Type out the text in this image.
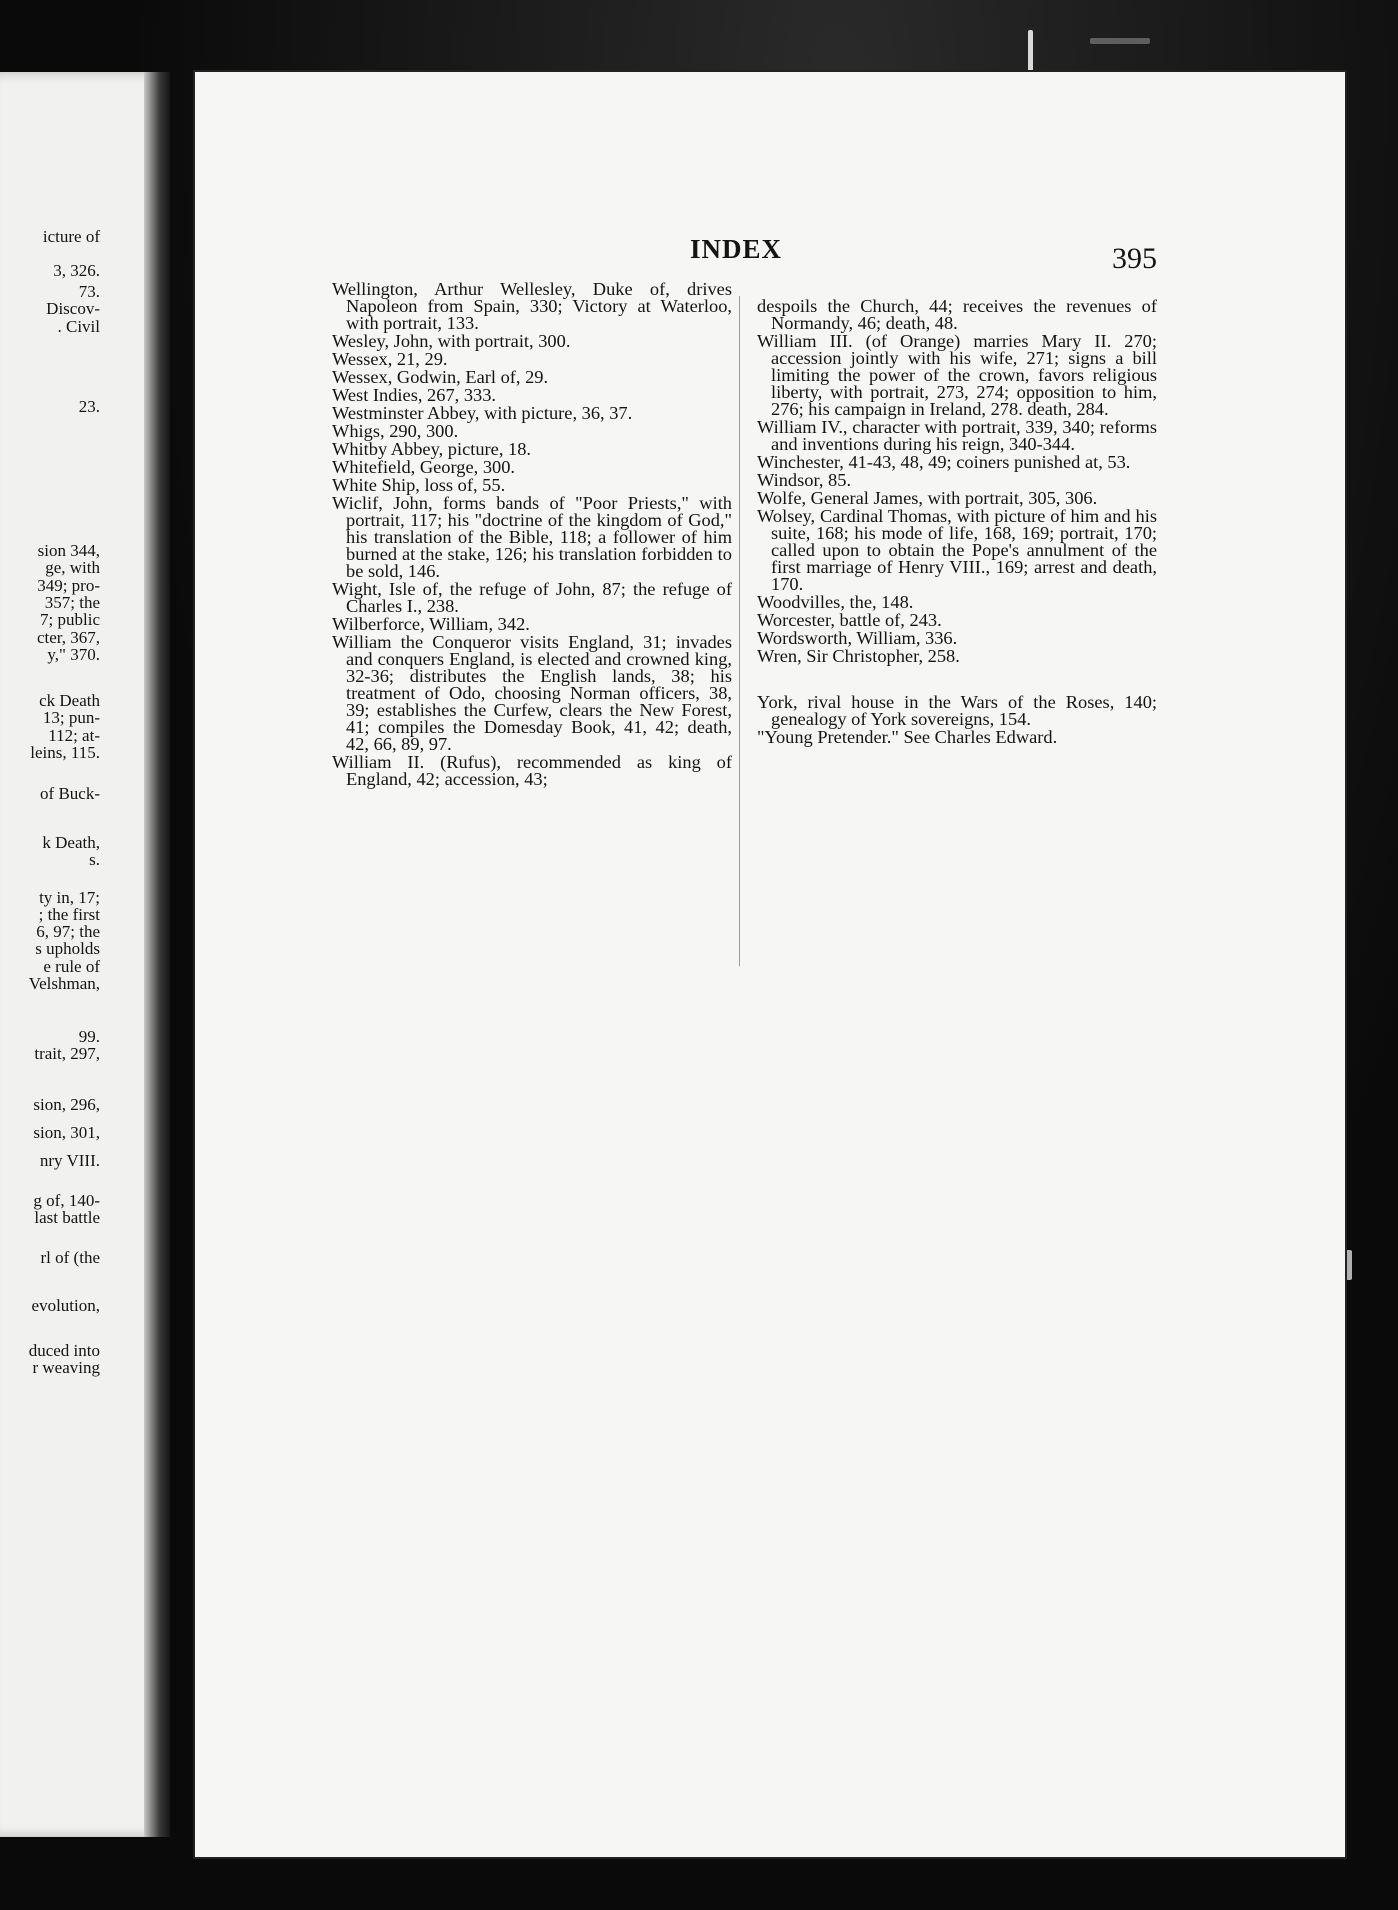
icture of
3, 326.
73.
Discov-
. Civil
23.
sion 344,
ge, with
349; pro-
357; the
7; public
cter, 367,
y," 370.
ck Death
13; pun-
112; at-
leins, 115.
of Buck-
k Death,
s.
ty in, 17;
; the first
6, 97; the
s upholds
e rule of
Velshman,
99.
trait, 297,
sion, 296,
sion, 301,
nry VIII.
g of, 140-
last battle
rl of (the
evolution,
duced into
r weaving
INDEX	395

Wellington, Arthur Wellesley, Duke of, drives Napoleon from Spain, 330; Victory at Waterloo, with portrait, 133.

Wesley, John, with portrait, 300.

Wessex, 21, 29.

Wessex, Godwin, Earl of, 29.

West Indies, 267, 333.

Westminster Abbey, with picture, 36, 37.

Whigs, 290, 300.

Whitby Abbey, picture, 18.

Whitefield, George, 300.

White Ship, loss of, 55.

Wiclif, John, forms bands of "Poor Priests," with portrait, 117; his "doctrine of the kingdom of God," his translation of the Bible, 118; a follower of him burned at the stake, 126; his translation forbidden to be sold, 146.

Wight, Isle of, the refuge of John, 87; the refuge of Charles I., 238.

Wilberforce, William, 342.

William the Conqueror visits England, 31; invades and conquers England, is elected and crowned king, 32-36; distributes the English lands, 38; his treatment of Odo, choosing Norman officers, 38, 39; establishes the Curfew, clears the New Forest, 41; compiles the Domesday Book, 41, 42; death, 42, 66, 89, 97.

William II. (Rufus), recommended as king of England, 42; accession, 43;

despoils the Church, 44; receives the revenues of Normandy, 46; death, 48.

William III. (of Orange) marries Mary II. 270; accession jointly with his wife, 271; signs a bill limiting the power of the crown, favors religious liberty, with portrait, 273, 274; opposition to him, 276; his campaign in Ireland, 278. death, 284.

William IV., character with portrait, 339, 340; reforms and inventions during his reign, 340-344.

Winchester, 41-43, 48, 49; coiners punished at, 53.

Windsor, 85.

Wolfe, General James, with portrait, 305, 306.

Wolsey, Cardinal Thomas, with picture of him and his suite, 168; his mode of life, 168, 169; portrait, 170; called upon to obtain the Pope's annulment of the first marriage of Henry VIII., 169; arrest and death, 170.

Woodvilles, the, 148.

Worcester, battle of, 243.

Wordsworth, William, 336.

Wren, Sir Christopher, 258.

York, rival house in the Wars of the Roses, 140; genealogy of York sovereigns, 154.

"Young Pretender." See Charles Edward.
